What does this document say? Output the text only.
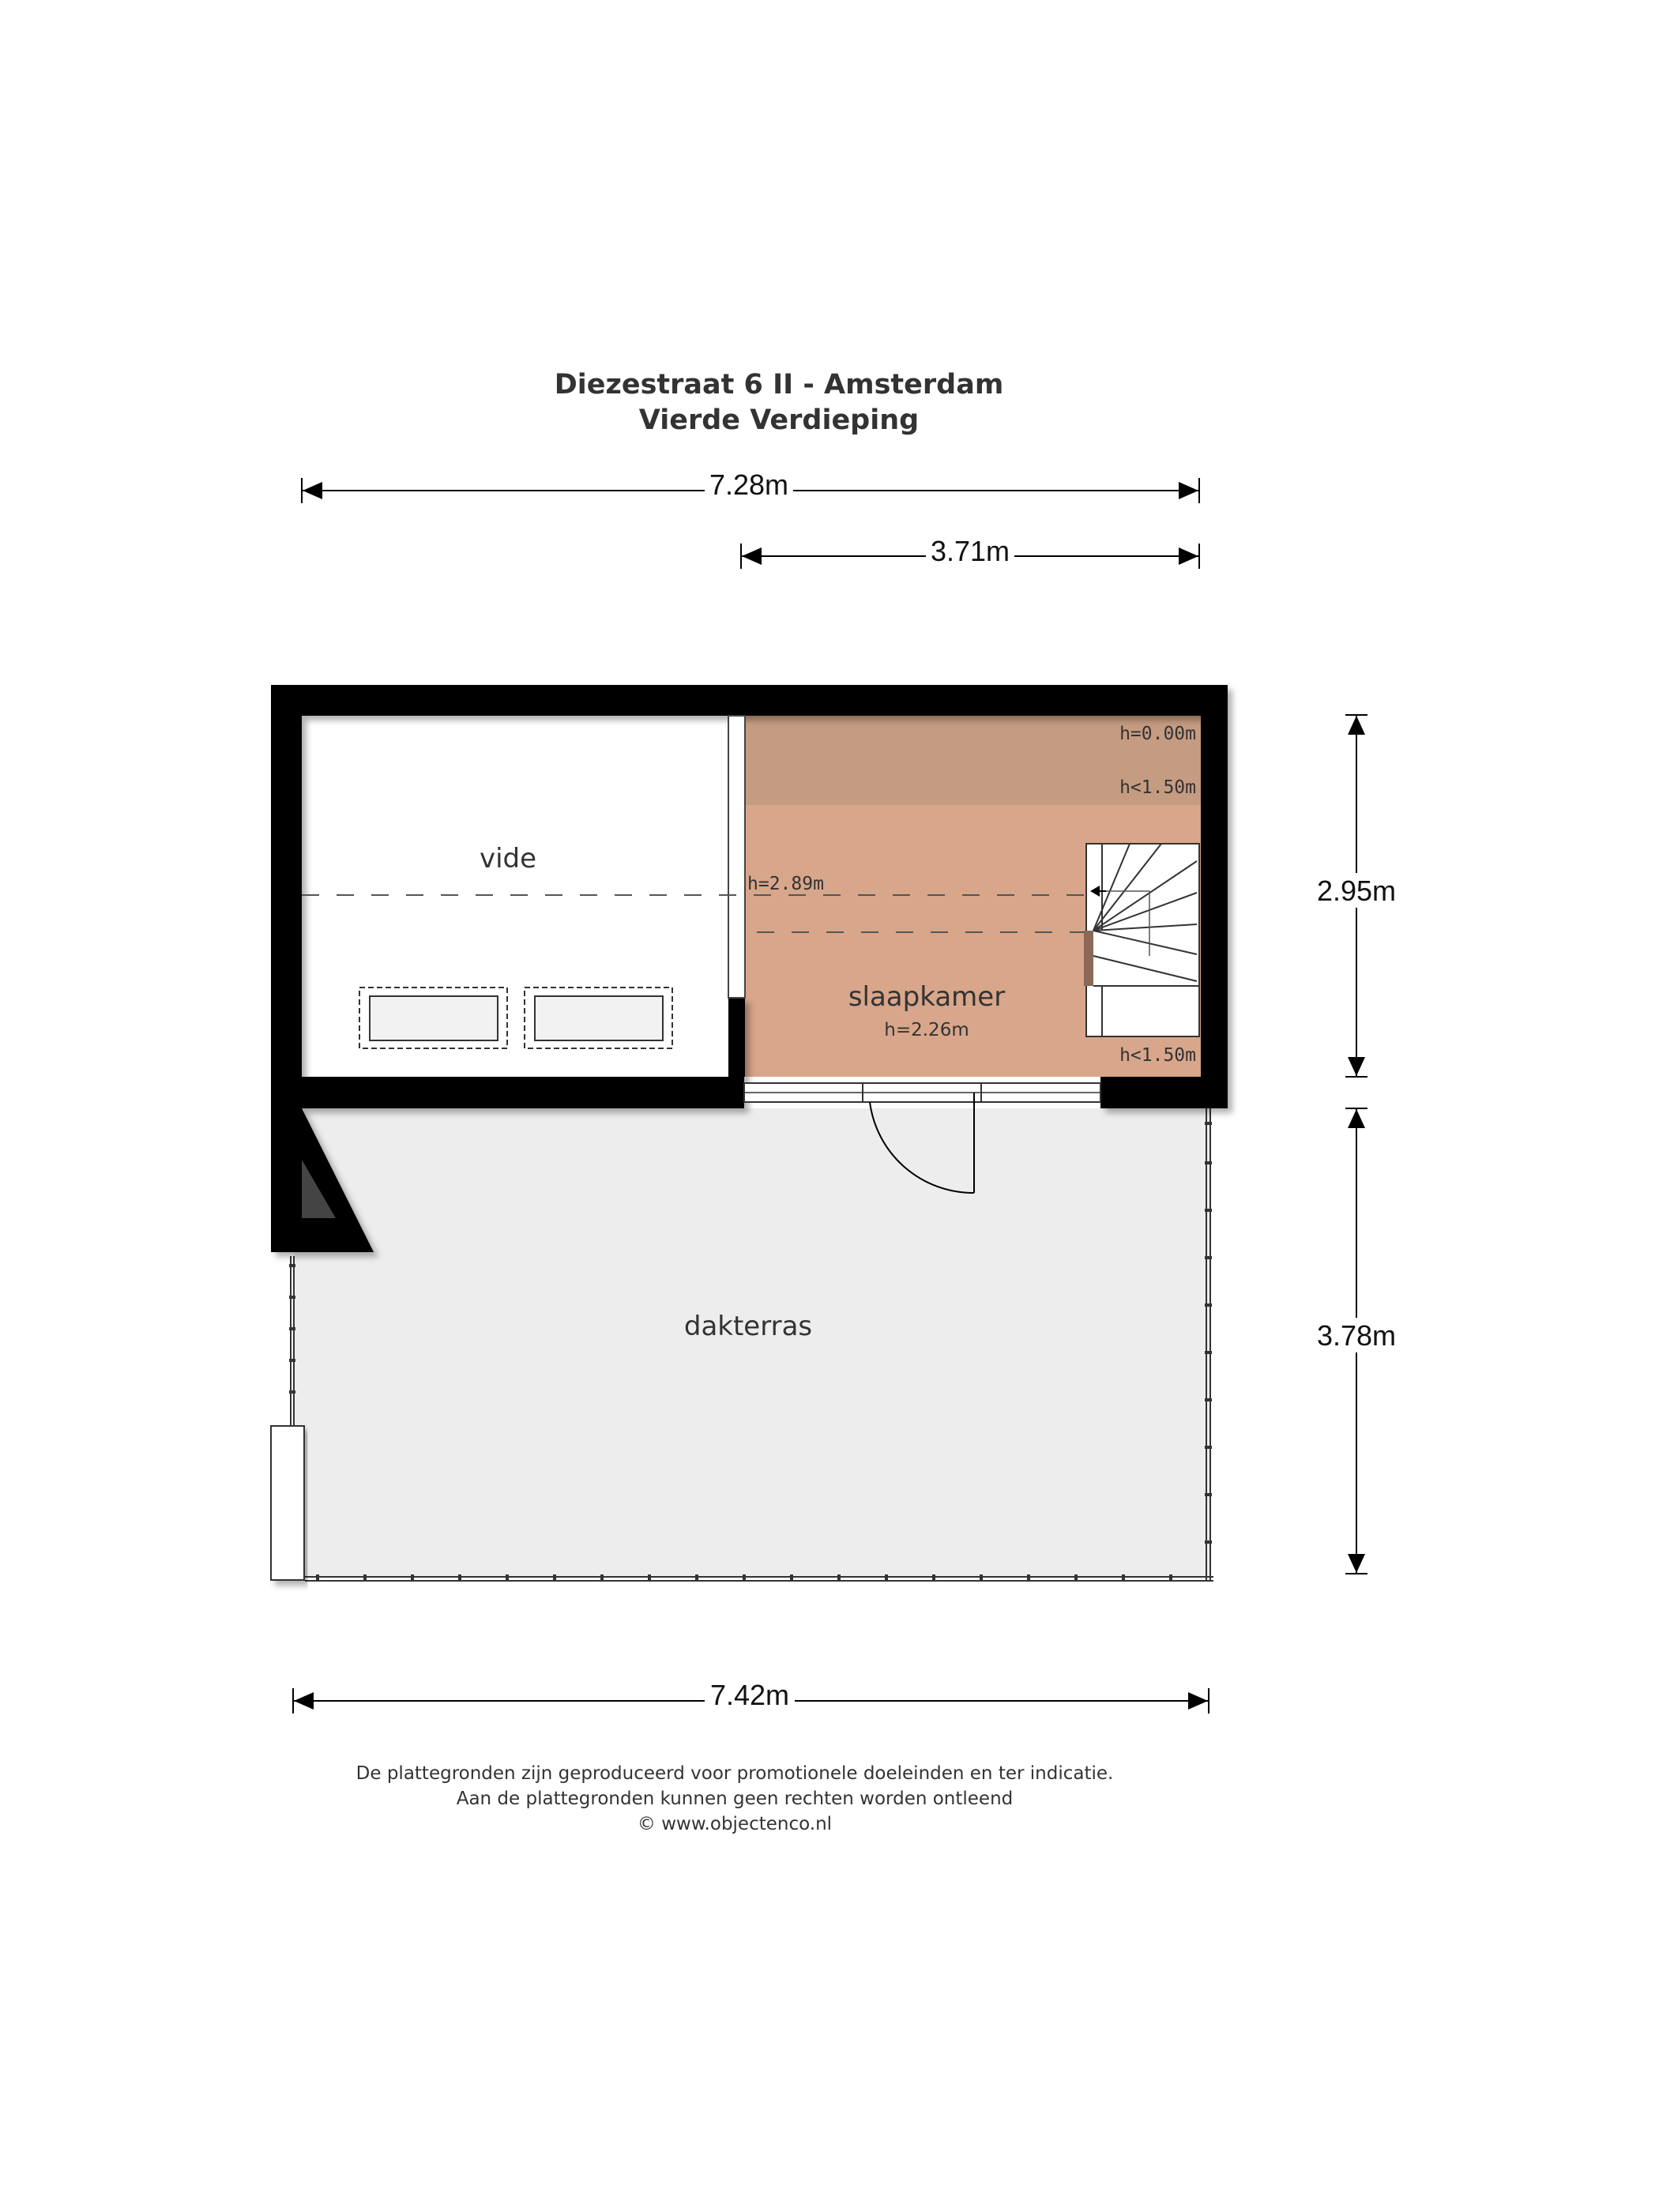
Diezestraat 6 II - Amsterdam
Vierde Verdieping
7.28m
3.71m
2.95m
3.78m
dakterras
vide
slaapkamer
h=2.26m
h=0.00m
h<1.50m
h=2.89m
h<1.50m
7.42m
De plattegronden zijn geproduceerd voor promotionele doeleinden en ter indicatie.
Aan de plattegronden kunnen geen rechten worden ontleend
© www.objectenco.nl
